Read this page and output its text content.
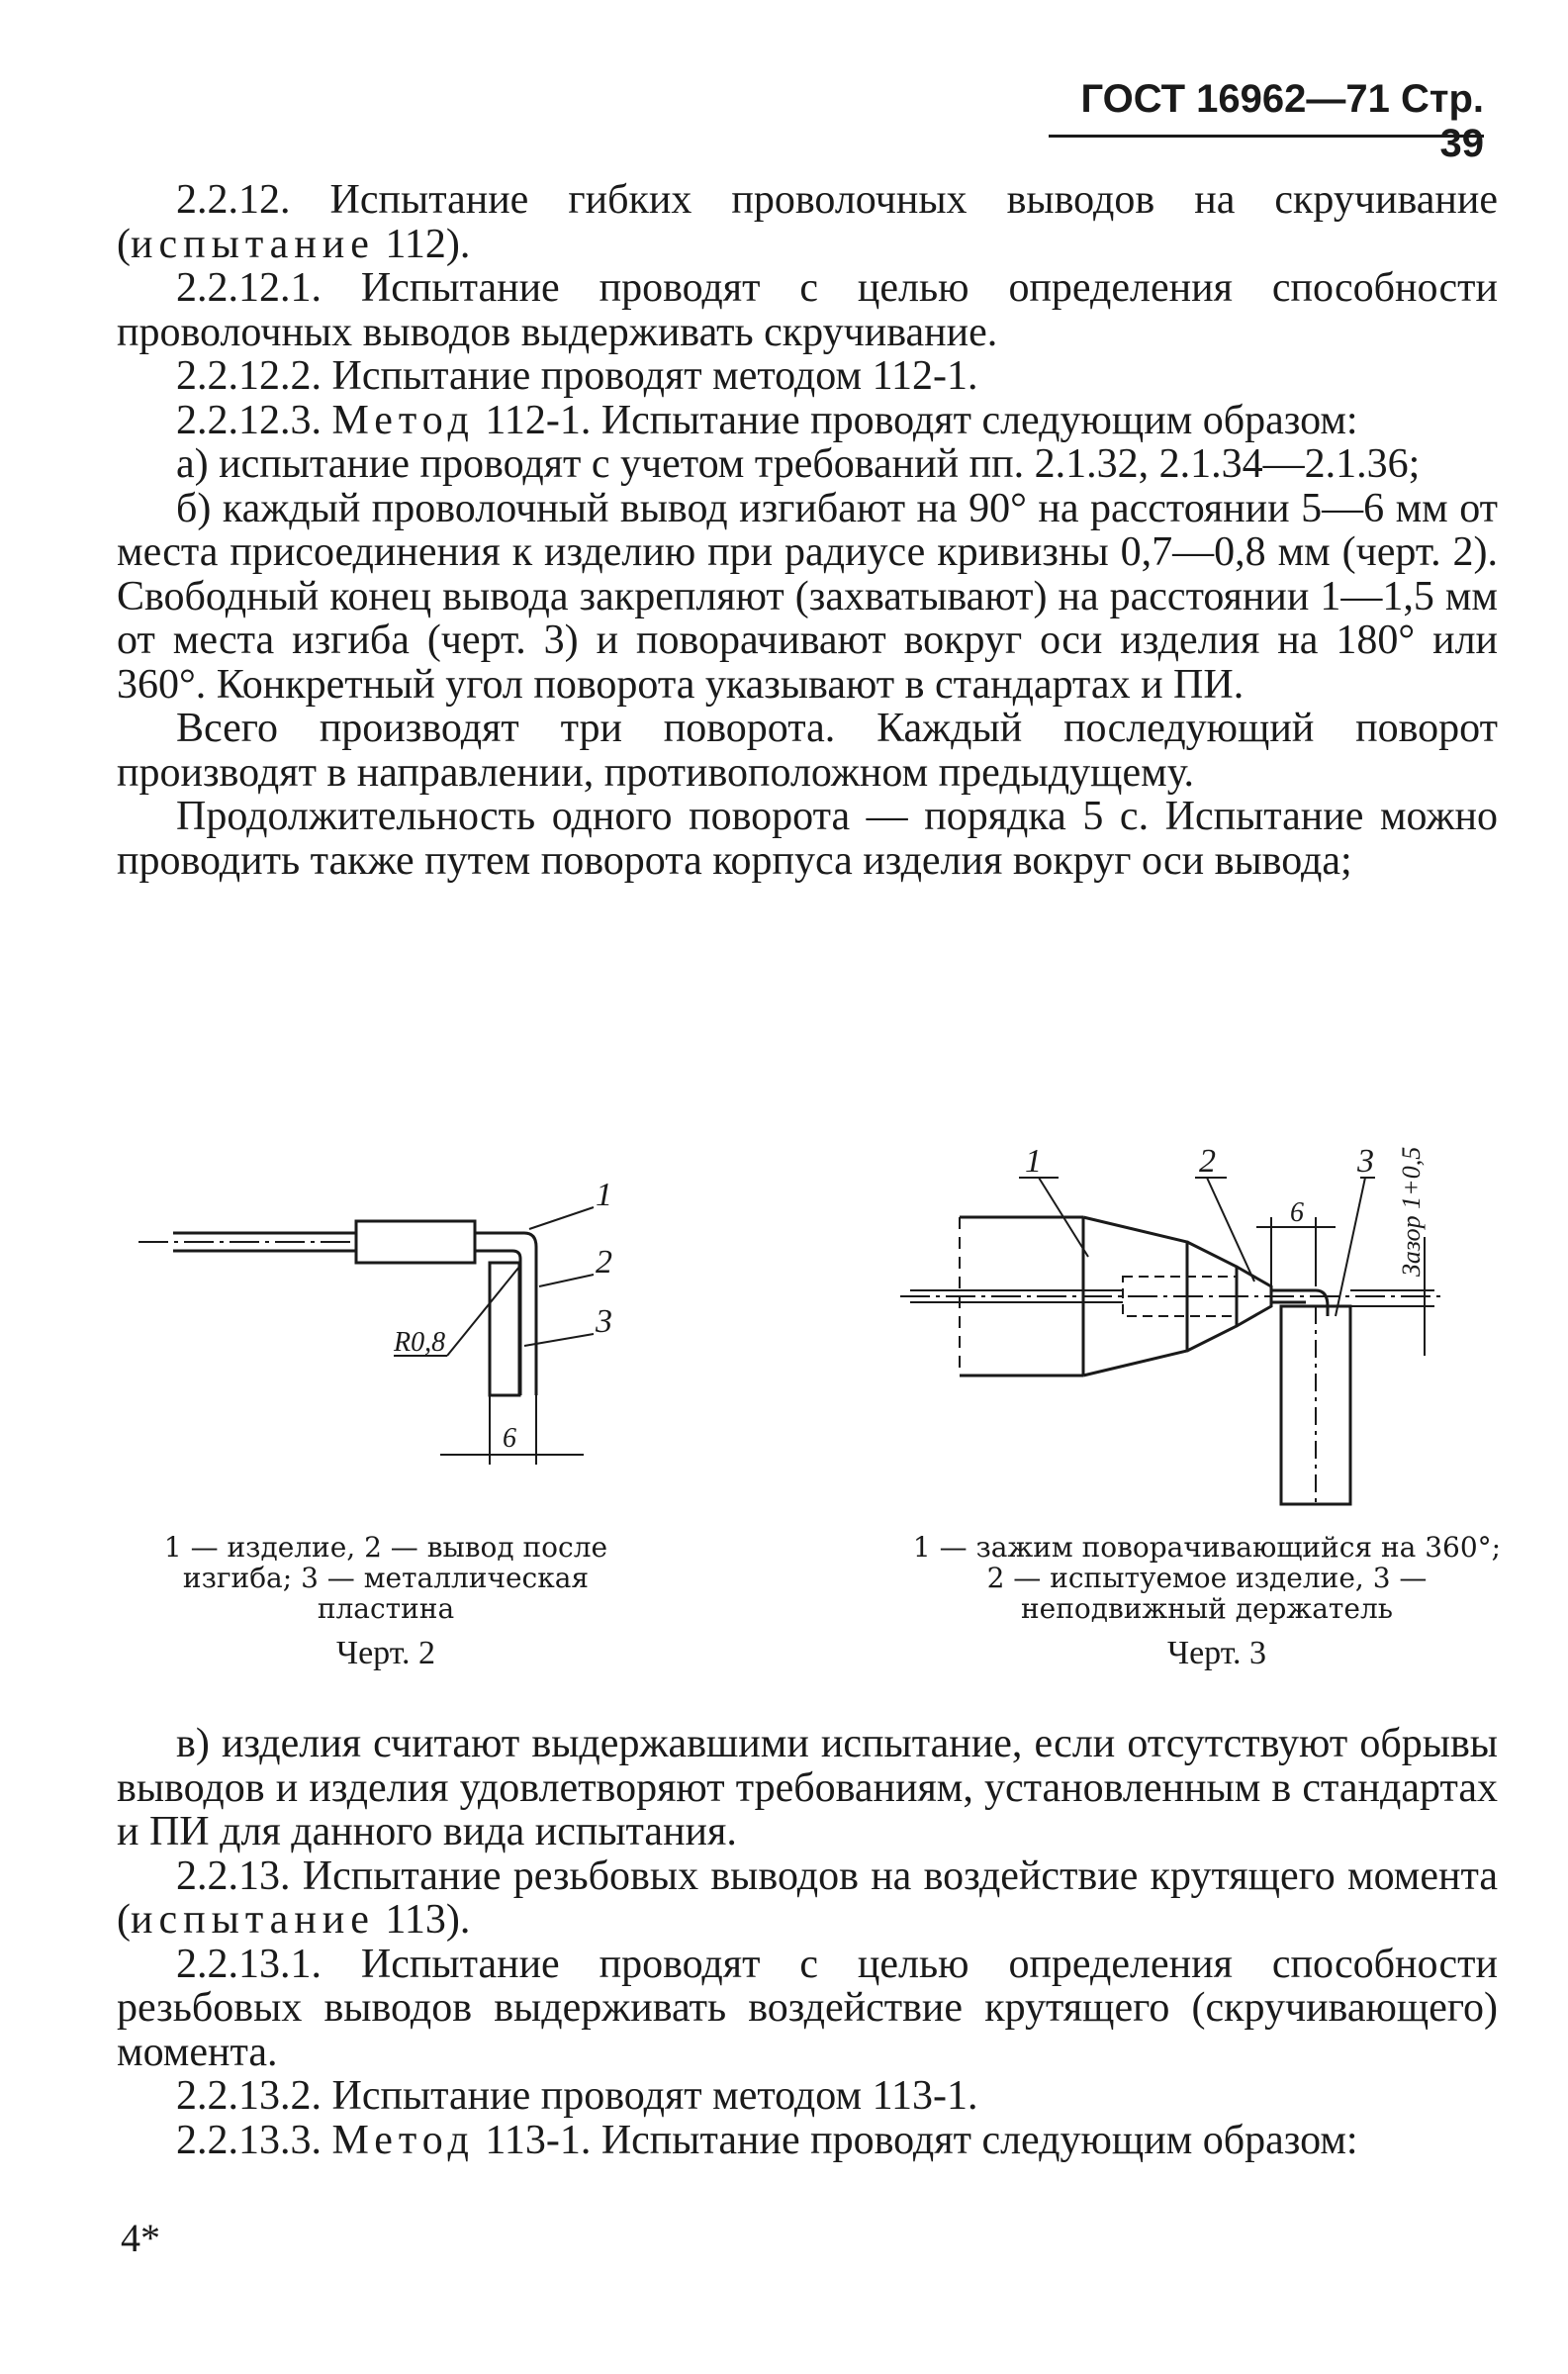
ГОСТ 16962—71 Стр. 39

2.2.12. Испытание гибких проволочных выводов на скручивание (испытание 112).

2.2.12.1. Испытание проводят с целью определения способности проволочных выводов выдерживать скручивание.

2.2.12.2. Испытание проводят методом 112-1.

2.2.12.3. Метод 112-1. Испытание проводят следующим образом:

а) испытание проводят с учетом требований пп. 2.1.32, 2.1.34—2.1.36;

б) каждый проволочный вывод изгибают на 90° на расстоянии 5—6 мм от места присоединения к изделию при радиусе кривизны 0,7—0,8 мм (черт. 2). Свободный конец вывода закрепляют (захватывают) на расстоянии 1—1,5 мм от места изгиба (черт. 3) и поворачивают вокруг оси изделия на 180° или 360°. Конкретный угол поворота указывают в стандартах и ПИ.

Всего производят три поворота. Каждый последующий поворот производят в направлении, противоположном предыдущему.

Продолжительность одного поворота — порядка 5 с. Испытание можно проводить также путем поворота корпуса изделия вокруг оси вывода;

1
2
3
R0,8
6
1 — изделие, 2 — вывод после изгиба; 3 — металлическая пластина
Черт. 2
1	2	3
6	Зазор 1+0,5
1 — зажим поворачивающийся на 360°; 2 — испытуемое изделие, 3 — неподвижный держатель
Черт. 3

в) изделия считают выдержавшими испытание, если отсутствуют обрывы выводов и изделия удовлетворяют требованиям, установленным в стандартах и ПИ для данного вида испытания.

2.2.13. Испытание резьбовых выводов на воздействие крутящего момента (испытание 113).

2.2.13.1. Испытание проводят с целью определения способности резьбовых выводов выдерживать воздействие крутящего (скручивающего) момента.

2.2.13.2. Испытание проводят методом 113-1.

2.2.13.3. Метод 113-1. Испытание проводят следующим образом:

4*
